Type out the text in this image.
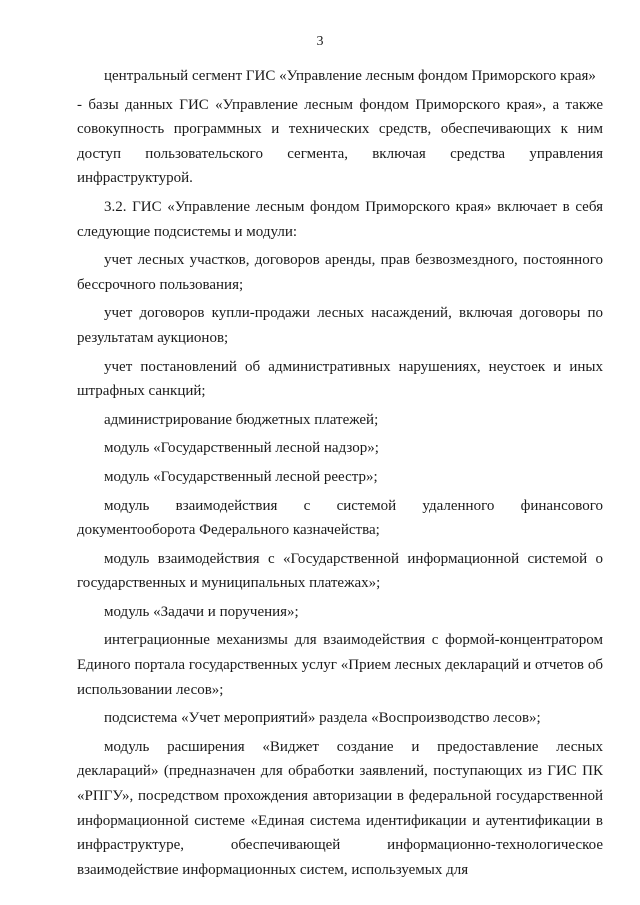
3

центральный сегмент ГИС «Управление лесным фондом Приморского края»

- базы данных ГИС «Управление лесным фондом Приморского края», а также совокупность программных и технических средств, обеспечивающих к ним доступ пользовательского сегмента, включая средства управления инфраструктурой.

3.2. ГИС «Управление лесным фондом Приморского края» включает в себя следующие подсистемы и модули:

учет лесных участков, договоров аренды, прав безвозмездного, постоянного бессрочного пользования;

учет договоров купли-продажи лесных насаждений, включая договоры по результатам аукционов;

учет постановлений об административных нарушениях, неустоек и иных штрафных санкций;

администрирование бюджетных платежей;

модуль «Государственный лесной надзор»;

модуль «Государственный лесной реестр»;

модуль взаимодействия с системой удаленного финансового документооборота Федерального казначейства;

модуль взаимодействия с «Государственной информационной системой о государственных и муниципальных платежах»;

модуль «Задачи и поручения»;

интеграционные механизмы для взаимодействия с формой-концентратором Единого портала государственных услуг «Прием лесных деклараций и отчетов об использовании лесов»;

подсистема «Учет мероприятий» раздела «Воспроизводство лесов»;

модуль расширения «Виджет создание и предоставление лесных деклараций» (предназначен для обработки заявлений, поступающих из ГИС ПК «РПГУ», посредством прохождения авторизации в федеральной государственной информационной системе «Единая система идентификации и аутентификации в инфраструктуре, обеспечивающей информационно-технологическое взаимодействие информационных систем, используемых для
